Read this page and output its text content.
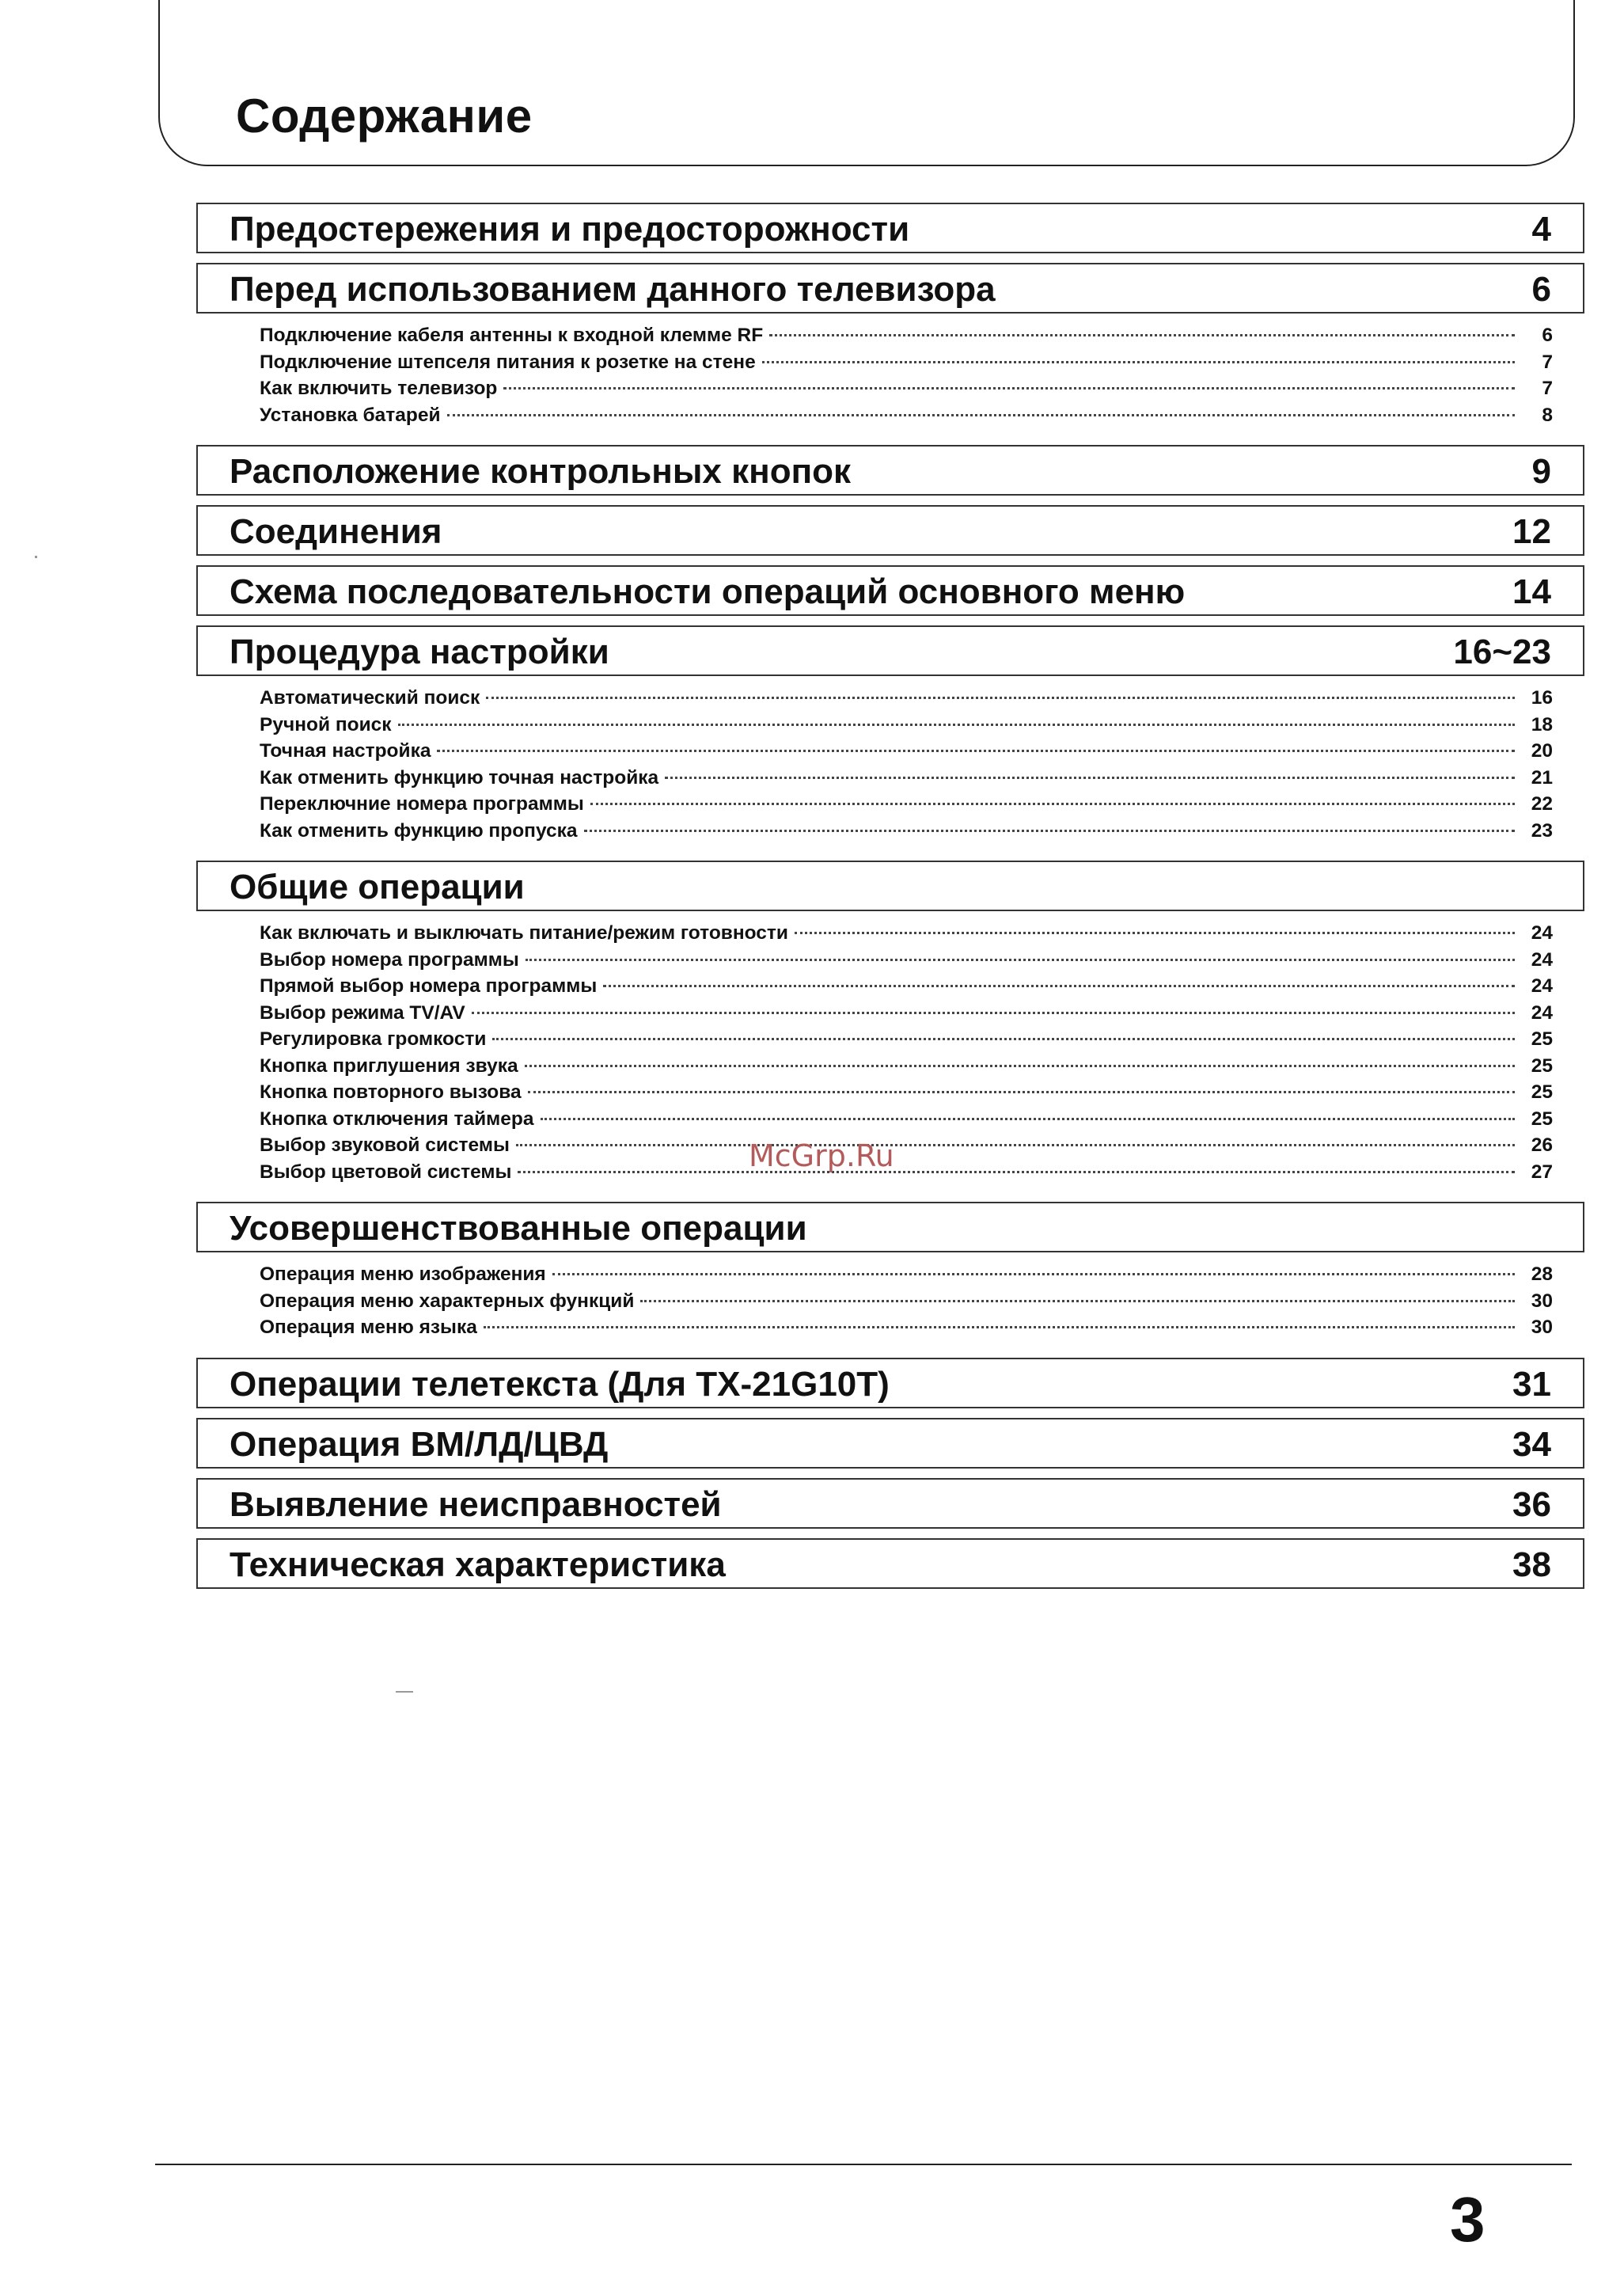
Содержание
Предостережения и предосторожности	4
Перед использованием данного телевизора	6
Подключение кабеля антенны к входной клемме RF	6
Подключение штепселя питания к розетке на стене	7
Как включить телевизор	7
Установка батарей	8
Расположение контрольных кнопок	9
Соединения	12
Схема последовательности операций основного меню	14
Процедура настройки	16~23
Автоматический поиск	16
Ручной поиск	18
Точная настройка	20
Как отменить функцию точная настройка	21
Переключние номера программы	22
Как отменить функцию пропуска	23
Общие операции
Как включать и выключать питание/режим готовности	24
Выбор номера программы	24
Прямой выбор номера программы	24
Выбор режима TV/AV	24
Регулировка громкости	25
Кнопка приглушения звука	25
Кнопка повторного вызова	25
Кнопка отключения таймера	25
Выбор звуковой системы	26
Выбор цветовой системы	27
Усовершенствованные операции
Операция меню изображения	28
Операция меню характерных функций	30
Операция меню языка	30
Операции телетекста (Для TX-21G10T)	31
Операция ВМ/ЛД/ЦВД	34
Выявление неисправностей	36
Техническая характеристика	38
McGrp.Ru
3
